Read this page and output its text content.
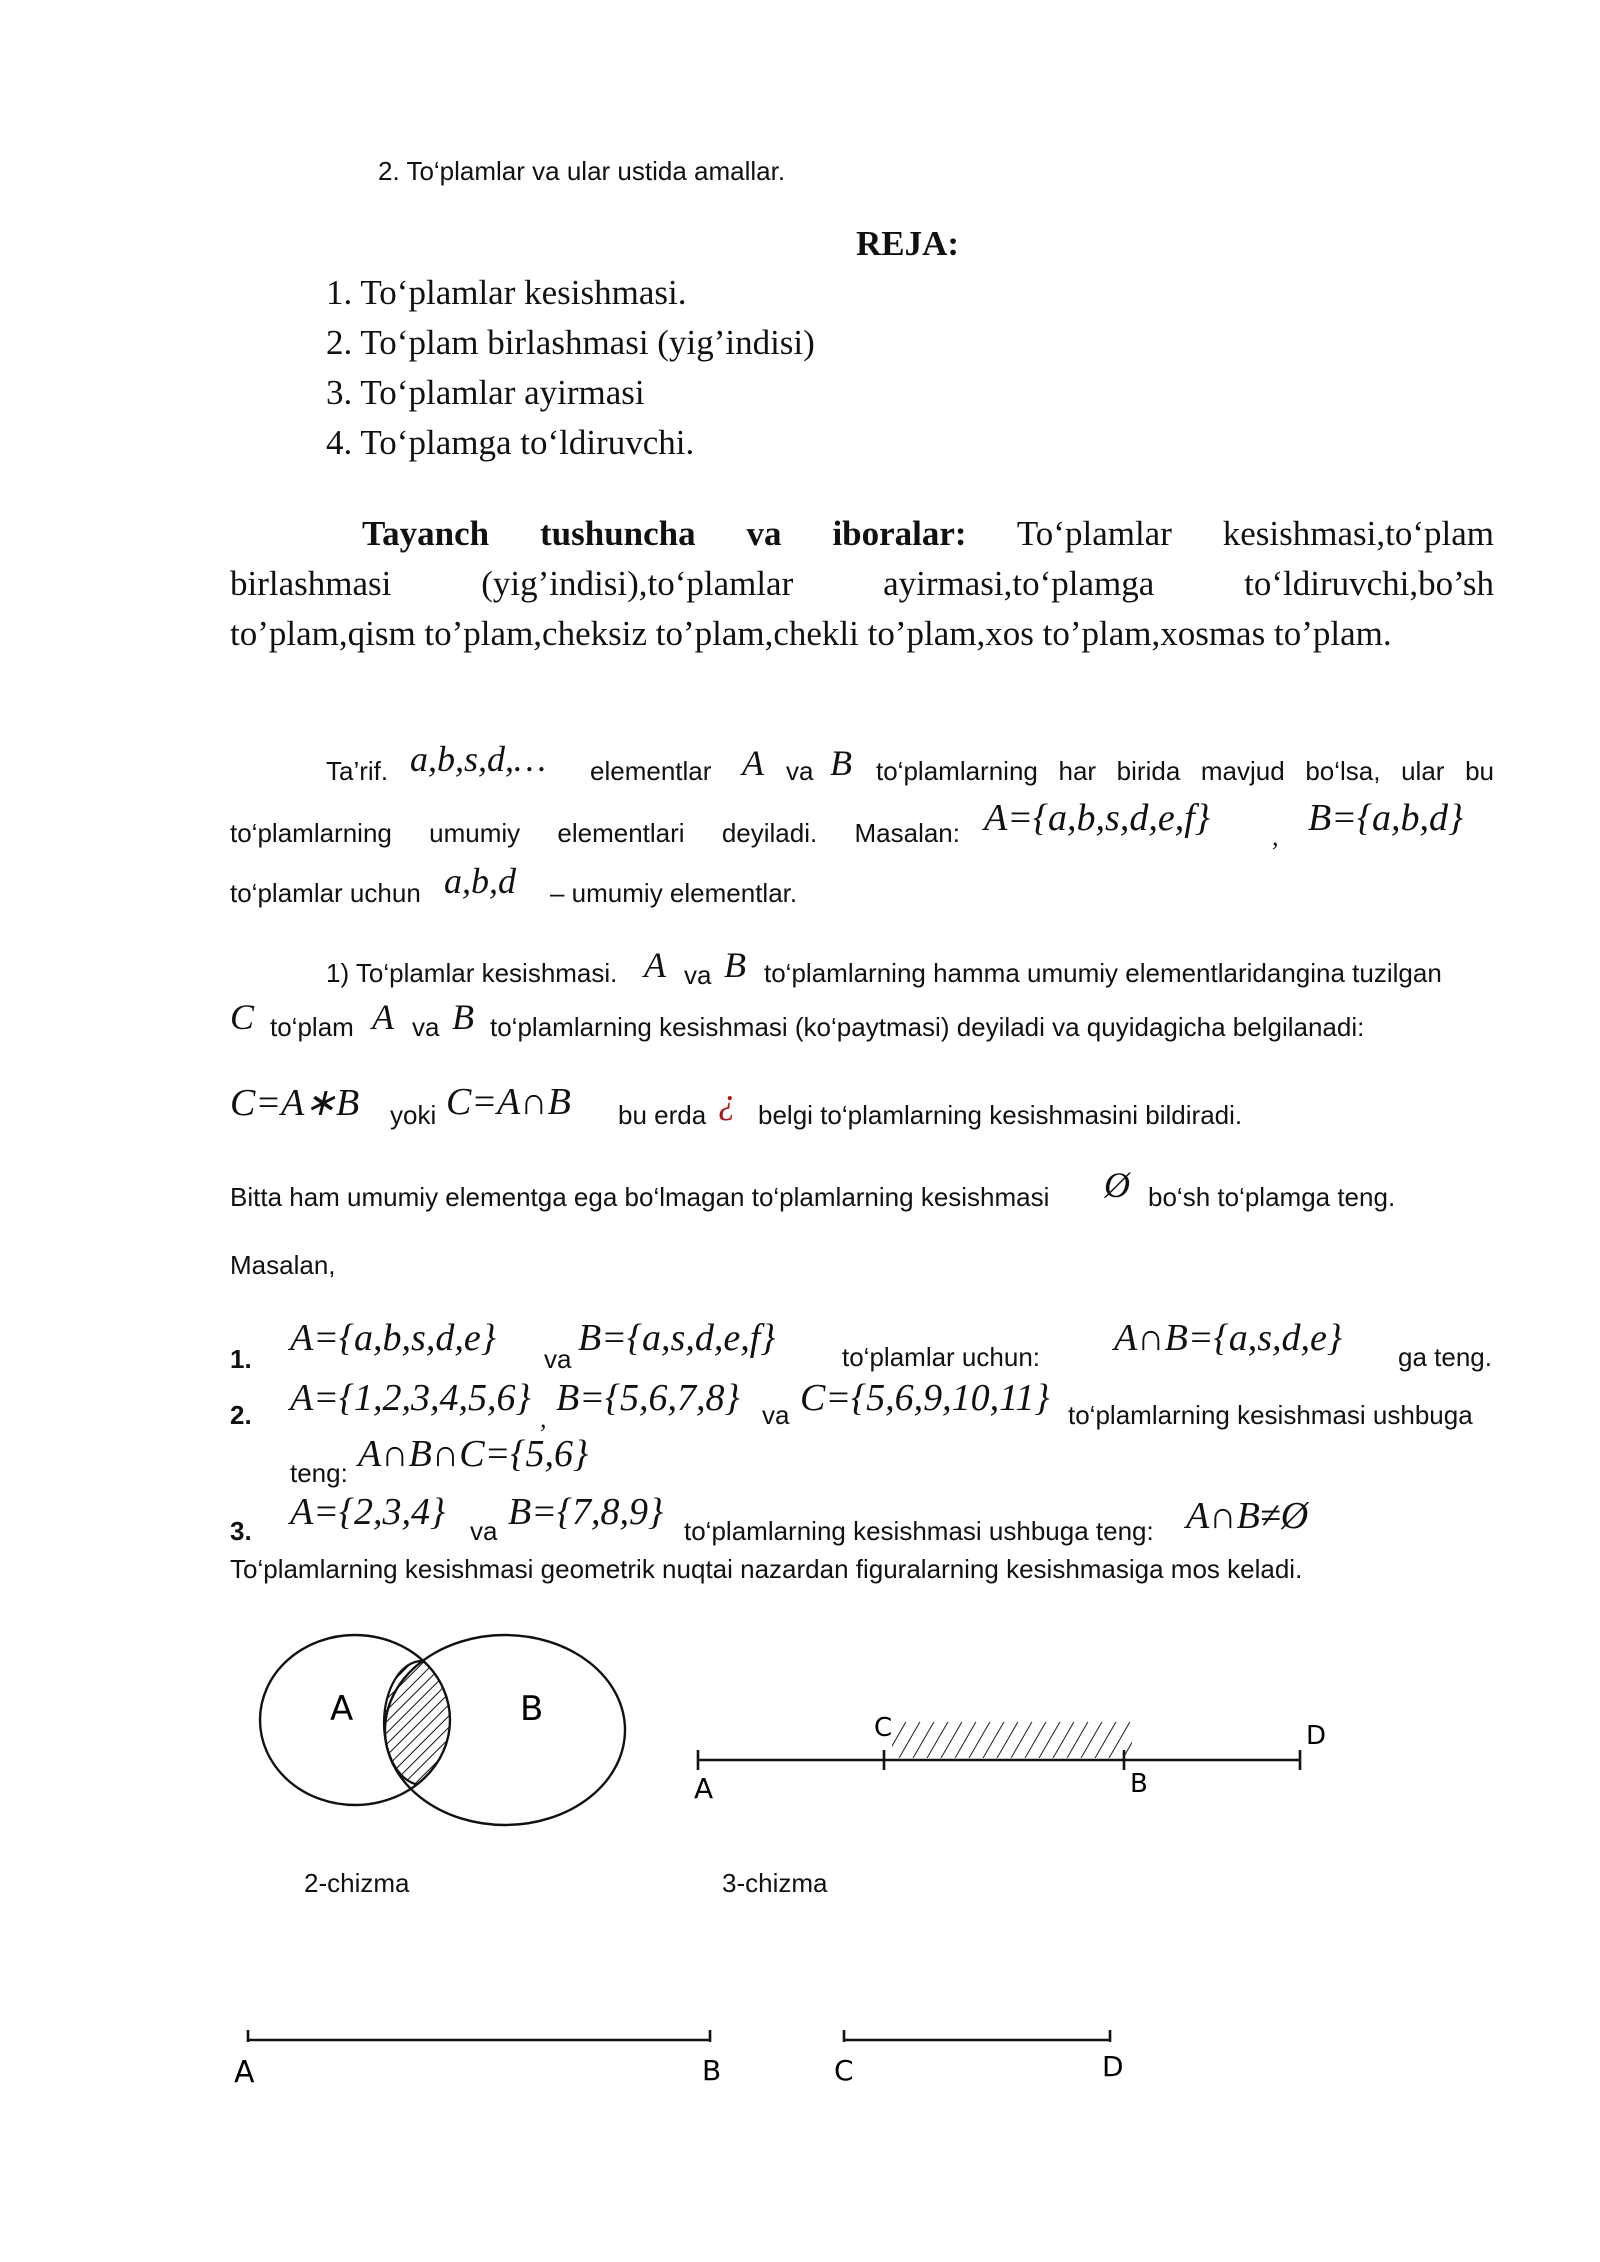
2. To‘plamlar va ular ustida amallar.
REJA:
1. To‘plamlar kesishmasi.
2. To‘plam birlashmasi (yig’indisi)
3. To‘plamlar ayirmasi
4. To‘plamga to‘ldiruvchi.
Tayanch tushuncha va iboralar: To‘plamlar kesishmasi,to‘plam
birlashmasi (yig’indisi),to‘plamlar ayirmasi,to‘plamga to‘ldiruvchi,bo’sh
to’plam,qism to’plam,cheksiz to’plam,chekli to’plam,xos to’plam,xosmas to’plam.
Ta’rif. a,b,s,d,… elementlar A va B to‘plamlarning har birida mavjud bo‘lsa, ular bu
to‘plamlarning umumiy elementlari deyiladi. Masalan: A={a,b,s,d,e,f} , B={a,b,d}
to‘plamlar uchun a,b,d – umumiy elementlar.
1) To‘plamlar kesishmasi. A va B to‘plamlarning hamma umumiy elementlaridangina tuzilgan
C to‘plam A va B to‘plamlarning kesishmasi (ko‘paytmasi) deyiladi va quyidagicha belgilanadi:
C=A∗B yoki C=A∩B bu erda ¿ belgi to‘plamlarning kesishmasini bildiradi.
Bitta ham umumiy elementga ega bo‘lmagan to‘plamlarning kesishmasi Ø bo‘sh to‘plamga teng.
Masalan,
1. A={a,b,s,d,e} va B={a,s,d,e,f}	to‘plamlar uchun: A∩B={a,s,d,e} ga teng.
2. A={1,2,3,4,5,6} , B={5,6,7,8} va C={5,6,9,10,11} to‘plamlarning kesishmasi ushbuga
teng: A∩B∩C={5,6}
3. A={2,3,4} va B={7,8,9} to‘plamlarning kesishmasi ushbuga teng: A∩B≠Ø
To‘plamlarning kesishmasi geometrik nuqtai nazardan figuralarning kesishmasiga mos keladi.
A	B
A
C
B
D
2-chizma	3-chizma
A	B	C	D
